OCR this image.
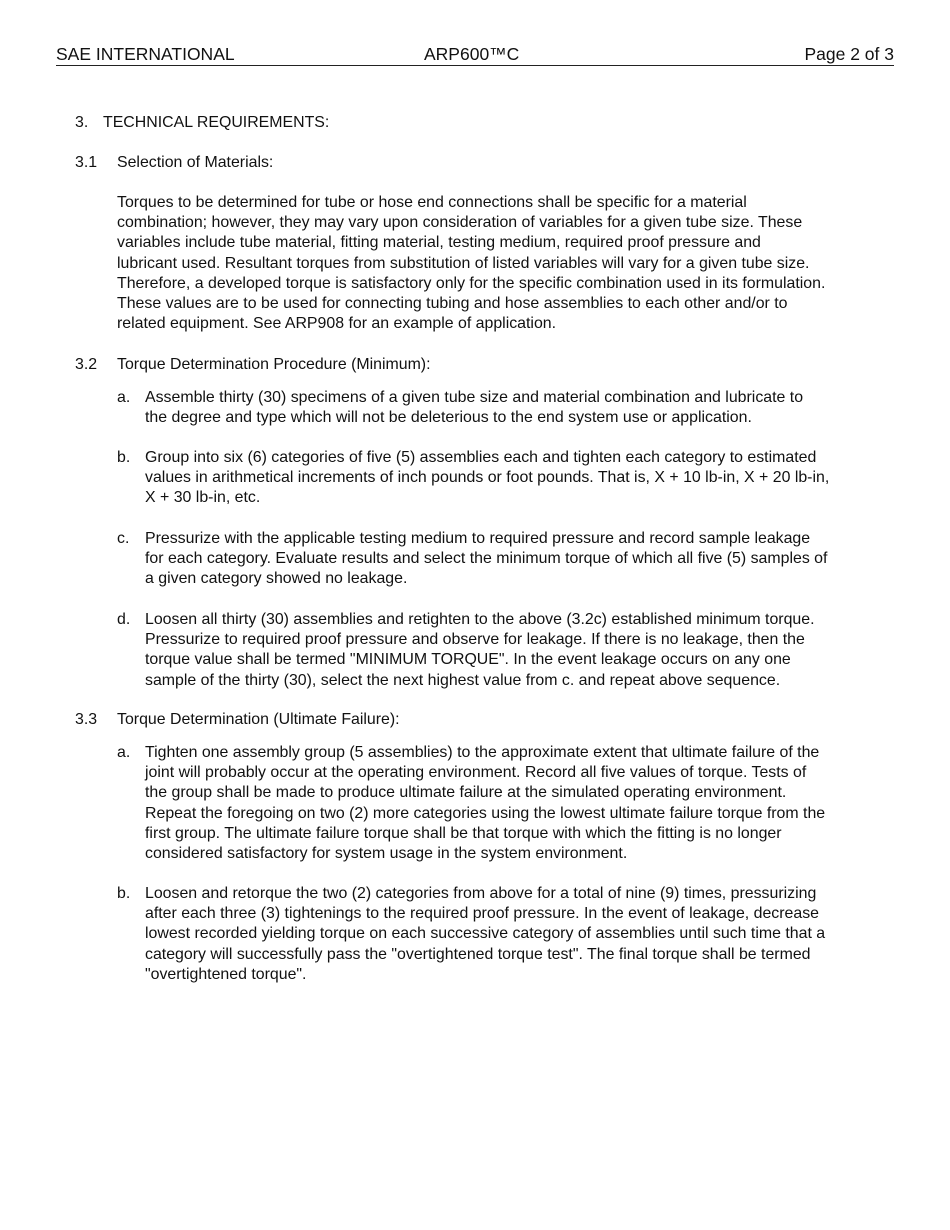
SAE INTERNATIONAL	ARP600™C	Page 2 of 3
3. TECHNICAL REQUIREMENTS:
3.1 Selection of Materials:
Torques to be determined for tube or hose end connections shall be specific for a material
combination; however, they may vary upon consideration of variables for a given tube size. These
variables include tube material, fitting material, testing medium, required proof pressure and
lubricant used. Resultant torques from substitution of listed variables will vary for a given tube size.
Therefore, a developed torque is satisfactory only for the specific combination used in its formulation.
These values are to be used for connecting tubing and hose assemblies to each other and/or to
related equipment. See ARP908 for an example of application.
3.2 Torque Determination Procedure (Minimum):
a. Assemble thirty (30) specimens of a given tube size and material combination and lubricate to
the degree and type which will not be deleterious to the end system use or application.
b. Group into six (6) categories of five (5) assemblies each and tighten each category to estimated
values in arithmetical increments of inch pounds or foot pounds. That is, X + 10 lb-in, X + 20 lb-in,
X + 30 lb-in, etc.
c. Pressurize with the applicable testing medium to required pressure and record sample leakage
for each category. Evaluate results and select the minimum torque of which all five (5) samples of
a given category showed no leakage.
d. Loosen all thirty (30) assemblies and retighten to the above (3.2c) established minimum torque.
Pressurize to required proof pressure and observe for leakage. If there is no leakage, then the
torque value shall be termed "MINIMUM TORQUE". In the event leakage occurs on any one
sample of the thirty (30), select the next highest value from c. and repeat above sequence.
3.3 Torque Determination (Ultimate Failure):
a. Tighten one assembly group (5 assemblies) to the approximate extent that ultimate failure of the
joint will probably occur at the operating environment. Record all five values of torque. Tests of
the group shall be made to produce ultimate failure at the simulated operating environment.
Repeat the foregoing on two (2) more categories using the lowest ultimate failure torque from the
first group. The ultimate failure torque shall be that torque with which the fitting is no longer
considered satisfactory for system usage in the system environment.
b. Loosen and retorque the two (2) categories from above for a total of nine (9) times, pressurizing
after each three (3) tightenings to the required proof pressure. In the event of leakage, decrease
lowest recorded yielding torque on each successive category of assemblies until such time that a
category will successfully pass the "overtightened torque test". The final torque shall be termed
"overtightened torque".
